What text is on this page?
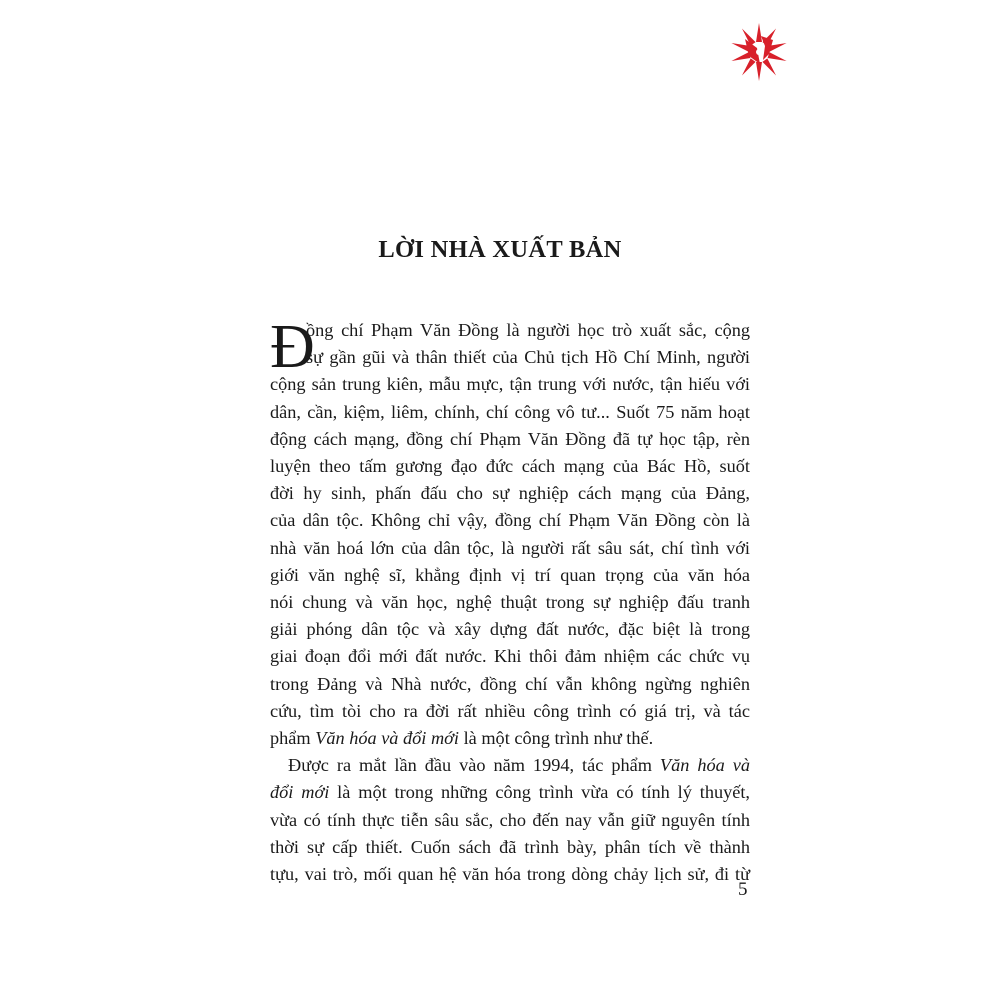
LỜI NHÀ XUẤT BẢN
Đ
ồng chí Phạm Văn Đồng là người học trò xuất sắc, cộng
sự gần gũi và thân thiết của Chủ tịch Hồ Chí Minh, người
cộng sản trung kiên, mẫu mực, tận trung với nước, tận hiếu với
dân, cần, kiệm, liêm, chính, chí công vô tư... Suốt 75 năm hoạt
động cách mạng, đồng chí Phạm Văn Đồng đã tự học tập, rèn
luyện theo tấm gương đạo đức cách mạng của Bác Hồ, suốt
đời hy sinh, phấn đấu cho sự nghiệp cách mạng của Đảng,
của dân tộc. Không chỉ vậy, đồng chí Phạm Văn Đồng còn là
nhà văn hoá lớn của dân tộc, là người rất sâu sát, chí tình với
giới văn nghệ sĩ, khẳng định vị trí quan trọng của văn hóa
nói chung và văn học, nghệ thuật trong sự nghiệp đấu tranh
giải phóng dân tộc và xây dựng đất nước, đặc biệt là trong
giai đoạn đổi mới đất nước. Khi thôi đảm nhiệm các chức vụ
trong Đảng và Nhà nước, đồng chí vẫn không ngừng nghiên
cứu, tìm tòi cho ra đời rất nhiều công trình có giá trị, và tác
phẩm Văn hóa và đổi mới là một công trình như thế.
Được ra mắt lần đầu vào năm 1994, tác phẩm Văn hóa và
đổi mới là một trong những công trình vừa có tính lý thuyết,
vừa có tính thực tiễn sâu sắc, cho đến nay vẫn giữ nguyên tính
thời sự cấp thiết. Cuốn sách đã trình bày, phân tích về thành
tựu, vai trò, mối quan hệ văn hóa trong dòng chảy lịch sử, đi từ
5
